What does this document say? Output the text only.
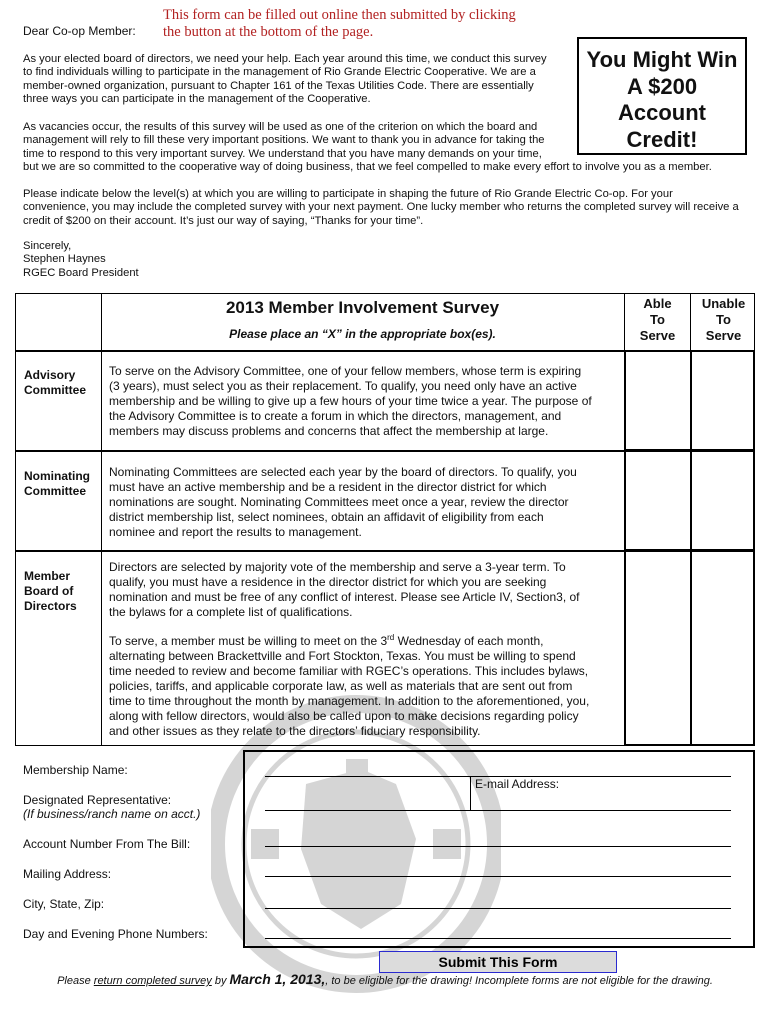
Dear Co-op Member:
This form can be filled out online then submitted by clicking
the button at the bottom of the page.
You Might Win
A $200
Account
Credit!
As your elected board of directors, we need your help. Each year around this time, we conduct this survey
to find individuals willing to participate in the management of Rio Grande Electric Cooperative. We are a
member-owned organization, pursuant to Chapter 161 of the Texas Utilities Code. There are essentially
three ways you can participate in the management of the Cooperative.
As vacancies occur, the results of this survey will be used as one of the criterion on which the board and
management will rely to fill these very important positions. We want to thank you in advance for taking the
time to respond to this very important survey. We understand that you have many demands on your time,
but we are so committed to the cooperative way of doing business, that we feel compelled to make every effort to involve you as a member.
Please indicate below the level(s) at which you are willing to participate in shaping the future of Rio Grande Electric Co-op. For your
convenience, you may include the completed survey with your next payment. One lucky member who returns the completed survey will receive a
credit of $200 on their account. It’s just our way of saying, “Thanks for your time”.
Sincerely,
Stephen Haynes
RGEC Board President
2013 Member Involvement Survey
Please place an “X” in the appropriate box(es).
Able
To
Serve
Unable
To
Serve
Advisory
Committee
To serve on the Advisory Committee, one of your fellow members, whose term is expiring
(3 years), must select you as their replacement. To qualify, you need only have an active
membership and be willing to give up a few hours of your time twice a year. The purpose of
the Advisory Committee is to create a forum in which the directors, management, and
members may discuss problems and concerns that affect the membership at large.
Nominating
Committee
Nominating Committees are selected each year by the board of directors. To qualify, you
must have an active membership and be a resident in the director district for which
nominations are sought. Nominating Committees meet once a year, review the director
district membership list, select nominees, obtain an affidavit of eligibility from each
nominee and report the results to management.
Member
Board of
Directors
Directors are selected by majority vote of the membership and serve a 3-year term. To
qualify, you must have a residence in the director district for which you are seeking
nomination and must be free of any conflict of interest. Please see Article IV, Section3, of
the bylaws for a complete list of qualifications.
To serve, a member must be willing to meet on the 3rd Wednesday of each month,
alternating between Brackettville and Fort Stockton, Texas. You must be willing to spend
time needed to review and become familiar with RGEC’s operations. This includes bylaws,
policies, tariffs, and applicable corporate law, as well as materials that are sent out from
time to time throughout the month by management. In addition to the aforementioned, you,
along with fellow directors, would also be called upon to make decisions regarding policy
and other issues as they relate to the directors’ fiduciary responsibility.
Membership Name:
Designated Representative:
(If business/ranch name on acct.)
Account Number From The Bill:
Mailing Address:
City, State, Zip:
Day and Evening Phone Numbers:
E-mail Address:
Submit This Form
Please return completed survey by March 1, 2013,, to be eligible for the drawing! Incomplete forms are not eligible for the drawing.
